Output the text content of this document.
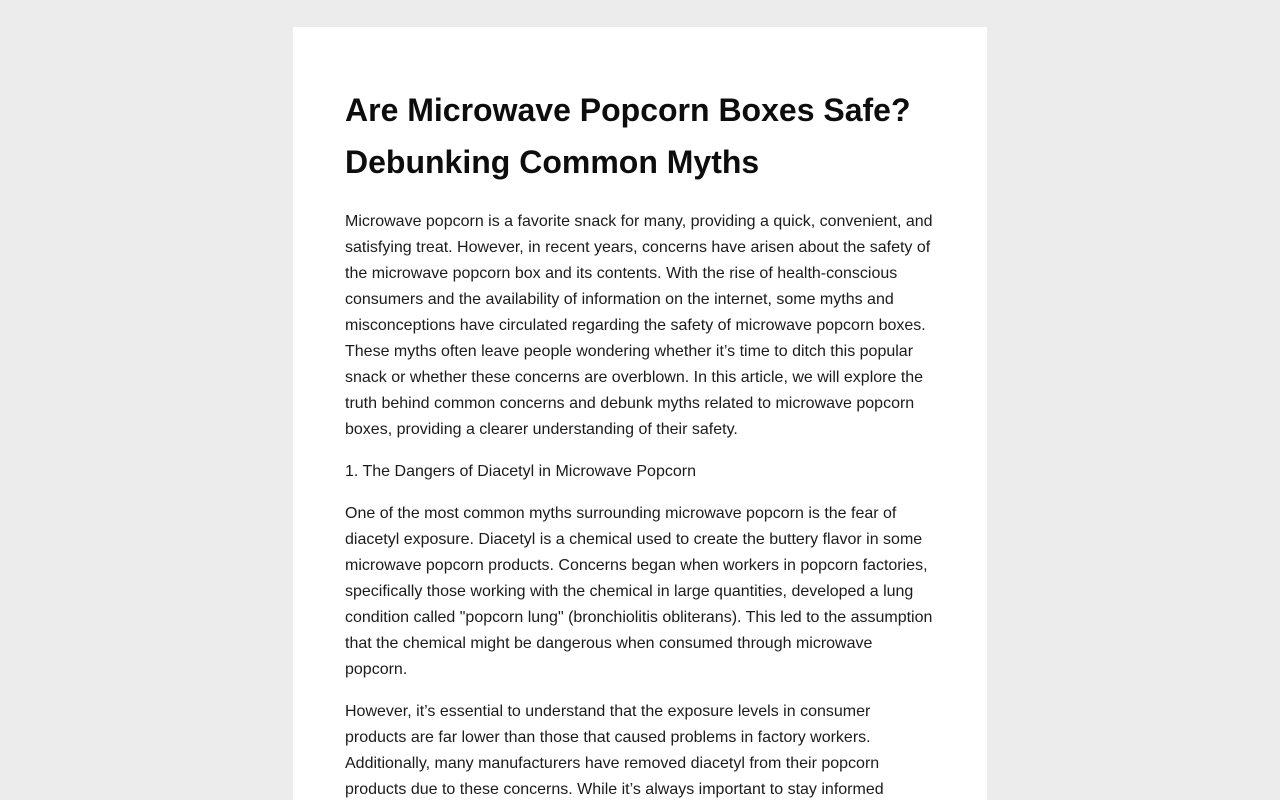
Are Microwave Popcorn Boxes Safe? Debunking Common Myths

Microwave popcorn is a favorite snack for many, providing a quick, convenient, and satisfying treat. However, in recent years, concerns have arisen about the safety of the microwave popcorn box and its contents. With the rise of health-conscious consumers and the availability of information on the internet, some myths and misconceptions have circulated regarding the safety of microwave popcorn boxes. These myths often leave people wondering whether it’s time to ditch this popular snack or whether these concerns are overblown. In this article, we will explore the truth behind common concerns and debunk myths related to microwave popcorn boxes, providing a clearer understanding of their safety.

1. The Dangers of Diacetyl in Microwave Popcorn

One of the most common myths surrounding microwave popcorn is the fear of diacetyl exposure. Diacetyl is a chemical used to create the buttery flavor in some microwave popcorn products. Concerns began when workers in popcorn factories, specifically those working with the chemical in large quantities, developed a lung condition called "popcorn lung" (bronchiolitis obliterans). This led to the assumption that the chemical might be dangerous when consumed through microwave popcorn.

However, it’s essential to understand that the exposure levels in consumer products are far lower than those that caused problems in factory workers. Additionally, many manufacturers have removed diacetyl from their popcorn products due to these concerns. While it’s always important to stay informed
